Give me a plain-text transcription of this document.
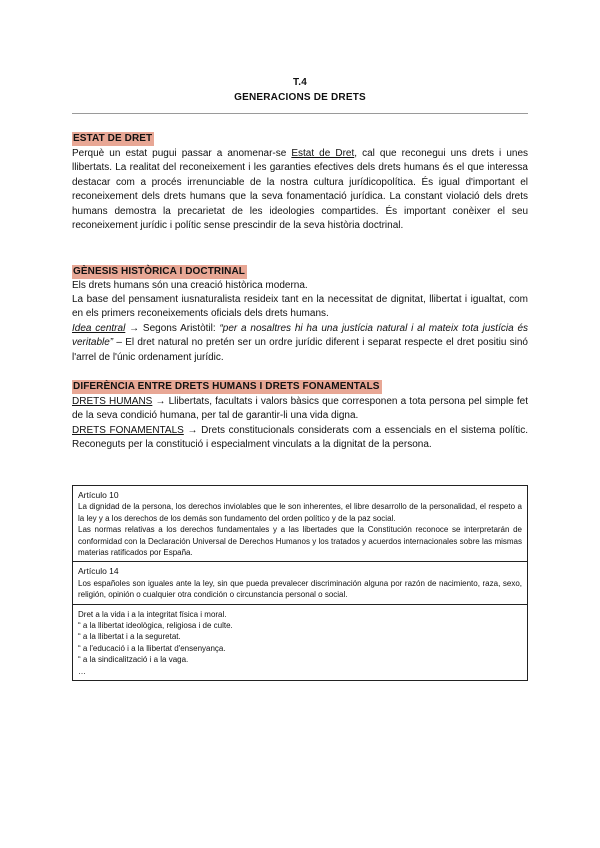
T.4
GENERACIONS DE DRETS
ESTAT DE DRET
Perquè un estat pugui passar a anomenar-se Estat de Dret, cal que reconegui uns drets i unes llibertats. La realitat del reconeixement i les garanties efectives dels drets humans és el que interessa destacar com a procés irrenunciable de la nostra cultura jurídicopolítica. És igual d'important el reconeixement dels drets humans que la seva fonamentació jurídica. La constant violació dels drets humans demostra la precarietat de les ideologies compartides. És important conèixer el seu reconeixement jurídic i polític sense prescindir de la seva història doctrinal.
GÈNESIS HISTÒRICA I DOCTRINAL
Els drets humans són una creació històrica moderna.
La base del pensament iusnaturalista resideix tant en la necessitat de dignitat, llibertat i igualtat, com en els primers reconeixements oficials dels drets humans.
Idea central → Segons Aristòtil: “per a nosaltres hi ha una justícia natural i al mateix tota justícia és veritable” – El dret natural no pretén ser un ordre jurídic diferent i separat respecte el dret positiu sinó l'arrel de l'únic ordenament jurídic.
DIFERÈNCIA ENTRE DRETS HUMANS I DRETS FONAMENTALS
DRETS HUMANS → Llibertats, facultats i valors bàsics que corresponen a tota persona pel simple fet de la seva condició humana, per tal de garantir-li una vida digna.
DRETS FONAMENTALS → Drets constitucionals considerats com a essencials en el sistema polític. Reconeguts per la constitució i especialment vinculats a la dignitat de la persona.
Artículo 10

La dignidad de la persona, los derechos inviolables que le son inherentes, el libre desarrollo de la personalidad, el respeto a la ley y a los derechos de los demás son fundamento del orden político y de la paz social.

Las normas relativas a los derechos fundamentales y a las libertades que la Constitución reconoce se interpretarán de conformidad con la Declaración Universal de Derechos Humanos y los tratados y acuerdos internacionales sobre las mismas materias ratificados por España.

Artículo 14

Los españoles son iguales ante la ley, sin que pueda prevalecer discriminación alguna por razón de nacimiento, raza, sexo, religión, opinión o cualquier otra condición o circunstancia personal o social.

Dret a la vida i a la integritat física i moral.
“ a la llibertat ideològica, religiosa i de culte.
“ a la llibertat i a la seguretat.
“ a l'educació i a la llibertat d'ensenyança.
“ a la sindicalització i a la vaga.
…
